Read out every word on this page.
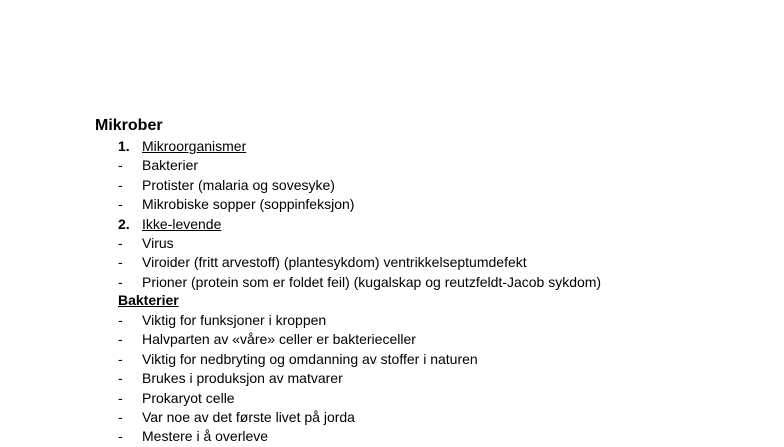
Mikrober
1. Mikroorganismer
- Bakterier
- Protister (malaria og sovesyke)
- Mikrobiske sopper (soppinfeksjon)
2. Ikke-levende
- Virus
- Viroider (fritt arvestoff) (plantesykdom) ventrikkelseptumdefekt
- Prioner (protein som er foldet feil) (kugalskap og reutzfeldt-Jacob sykdom)
Bakterier
- Viktig for funksjoner i kroppen
- Halvparten av «våre» celler er bakterieceller
- Viktig for nedbryting og omdanning av stoffer i naturen
- Brukes i produksjon av matvarer
- Prokaryot celle
- Var noe av det første livet på jorda
- Mestere i å overleve
